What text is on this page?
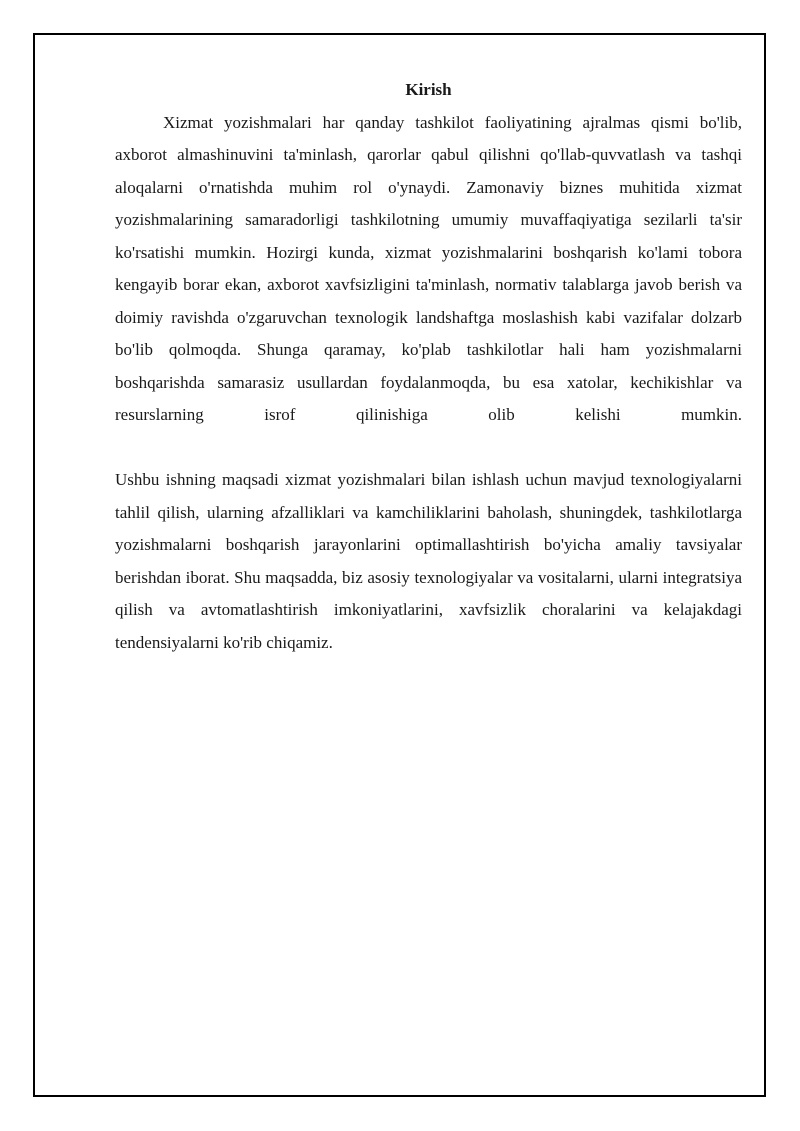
Kirish

Xizmat yozishmalari har qanday tashkilot faoliyatining ajralmas qismi bo'lib, axborot almashinuvini ta'minlash, qarorlar qabul qilishni qo'llab-quvvatlash va tashqi aloqalarni o'rnatishda muhim rol o'ynaydi. Zamonaviy biznes muhitida xizmat yozishmalarining samaradorligi tashkilotning umumiy muvaffaqiyatiga sezilarli ta'sir ko'rsatishi mumkin. Hozirgi kunda, xizmat yozishmalarini boshqarish ko'lami tobora kengayib borar ekan, axborot xavfsizligini ta'minlash, normativ talablarga javob berish va doimiy ravishda o'zgaruvchan texnologik landshaftga moslashish kabi vazifalar dolzarb bo'lib qolmoqda. Shunga qaramay, ko'plab tashkilotlar hali ham yozishmalarni boshqarishda samarasiz usullardan foydalanmoqda, bu esa xatolar, kechikishlar va resurslarning isrof qilinishiga olib kelishi mumkin.

Ushbu ishning maqsadi xizmat yozishmalari bilan ishlash uchun mavjud texnologiyalarni tahlil qilish, ularning afzalliklari va kamchiliklarini baholash, shuningdek, tashkilotlarga yozishmalarni boshqarish jarayonlarini optimallashtirish bo'yicha amaliy tavsiyalar berishdan iborat. Shu maqsadda, biz asosiy texnologiyalar va vositalarni, ularni integratsiya qilish va avtomatlashtirish imkoniyatlarini, xavfsizlik choralarini va kelajakdagi tendensiyalarni ko'rib chiqamiz.
